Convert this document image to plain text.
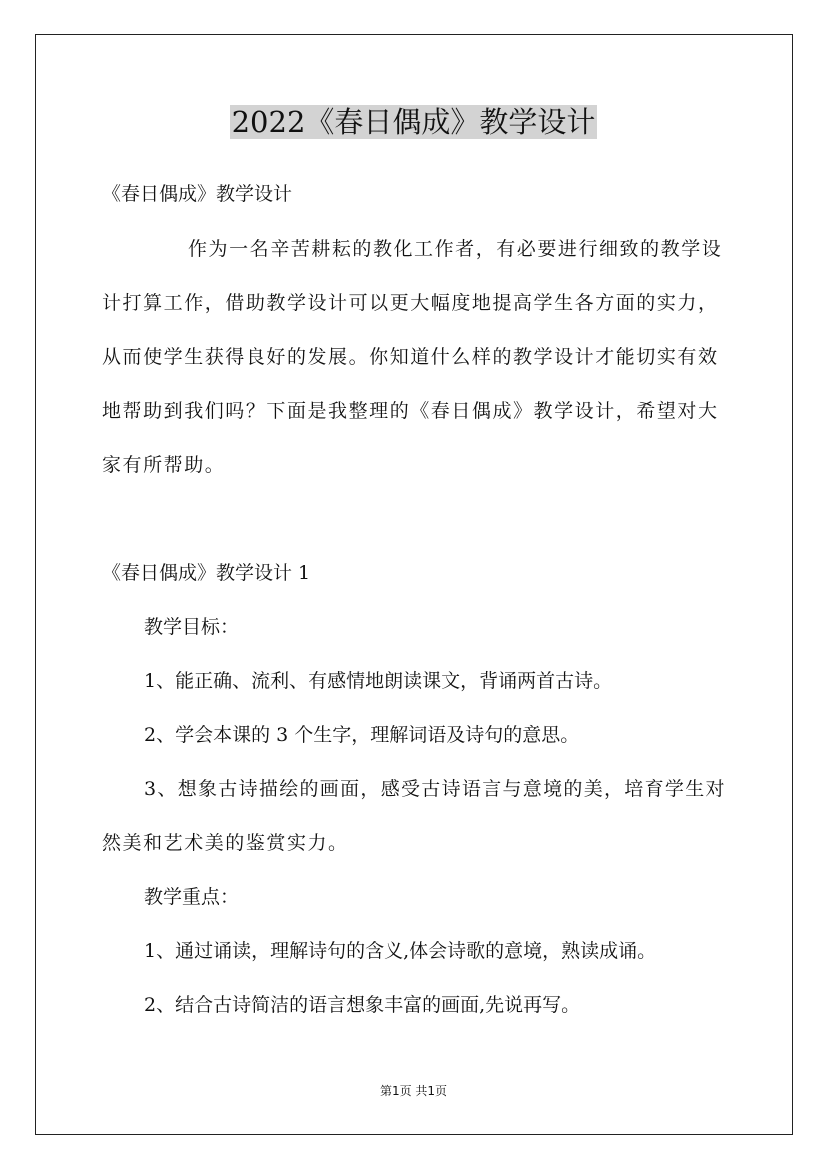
2022《春日偶成》教学设计
《春日偶成》教学设计
作为一名辛苦耕耘的教化工作者，有必要进行细致的教学设
计打算工作，借助教学设计可以更大幅度地提高学生各方面的实力，
从而使学生获得良好的发展。你知道什么样的教学设计才能切实有效
地帮助到我们吗？下面是我整理的《春日偶成》教学设计，希望对大
家有所帮助。
《春日偶成》教学设计 1
教学目标：
1、能正确、流利、有感情地朗读课文，背诵两首古诗。
2、学会本课的 3 个生字，理解词语及诗句的意思。
3、想象古诗描绘的画面，感受古诗语言与意境的美，培育学生对
然美和艺术美的鉴赏实力。
教学重点：
1、通过诵读，理解诗句的含义,体会诗歌的意境，熟读成诵。
2、结合古诗简洁的语言想象丰富的画面,先说再写。
第1页 共1页
